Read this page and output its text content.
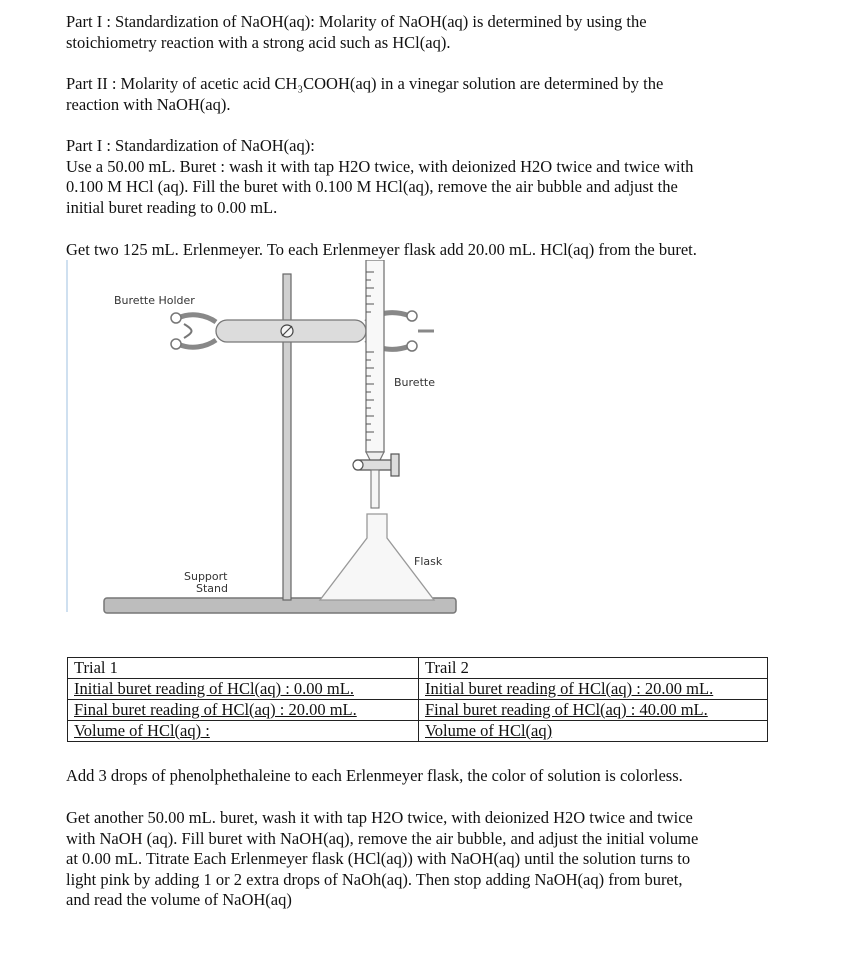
Part I : Standardization of NaOH(aq): Molarity of NaOH(aq) is determined by using the
stoichiometry reaction with a strong acid such as HCl(aq).

Part II : Molarity of acetic acid CH₃COOH(aq) in a vinegar solution are determined by the
reaction with NaOH(aq).

Part I : Standardization of NaOH(aq):
Use a 50.00 mL. Buret : wash it with tap H2O twice, with deionized H2O twice and twice with
0.100 M HCl (aq). Fill the buret with 0.100 M HCl(aq), remove the air bubble and adjust the
initial buret reading to 0.00 mL.

Get two 125 mL. Erlenmeyer. To each Erlenmeyer flask add 20.00 mL. HCl(aq) from the buret.

Burette Holder
Burette
Flask
Support
Stand
Trial 1	Trail 2
Initial buret reading of HCl(aq) : 0.00 mL.	Initial buret reading of HCl(aq) : 20.00 mL.
Final buret reading of HCl(aq) : 20.00 mL.	Final buret reading of HCl(aq) : 40.00 mL.
Volume of HCl(aq) :	Volume of HCl(aq)

Add 3 drops of phenolphethaleine to each Erlenmeyer flask, the color of solution is colorless.

Get another 50.00 mL. buret, wash it with tap H2O twice, with deionized H2O twice and twice
with NaOH (aq). Fill buret with NaOH(aq), remove the air bubble, and adjust the initial volume
at 0.00 mL. Titrate Each Erlenmeyer flask (HCl(aq)) with NaOH(aq) until the solution turns to
light pink by adding 1 or 2 extra drops of NaOh(aq). Then stop adding NaOH(aq) from buret,
and read the volume of NaOH(aq)
